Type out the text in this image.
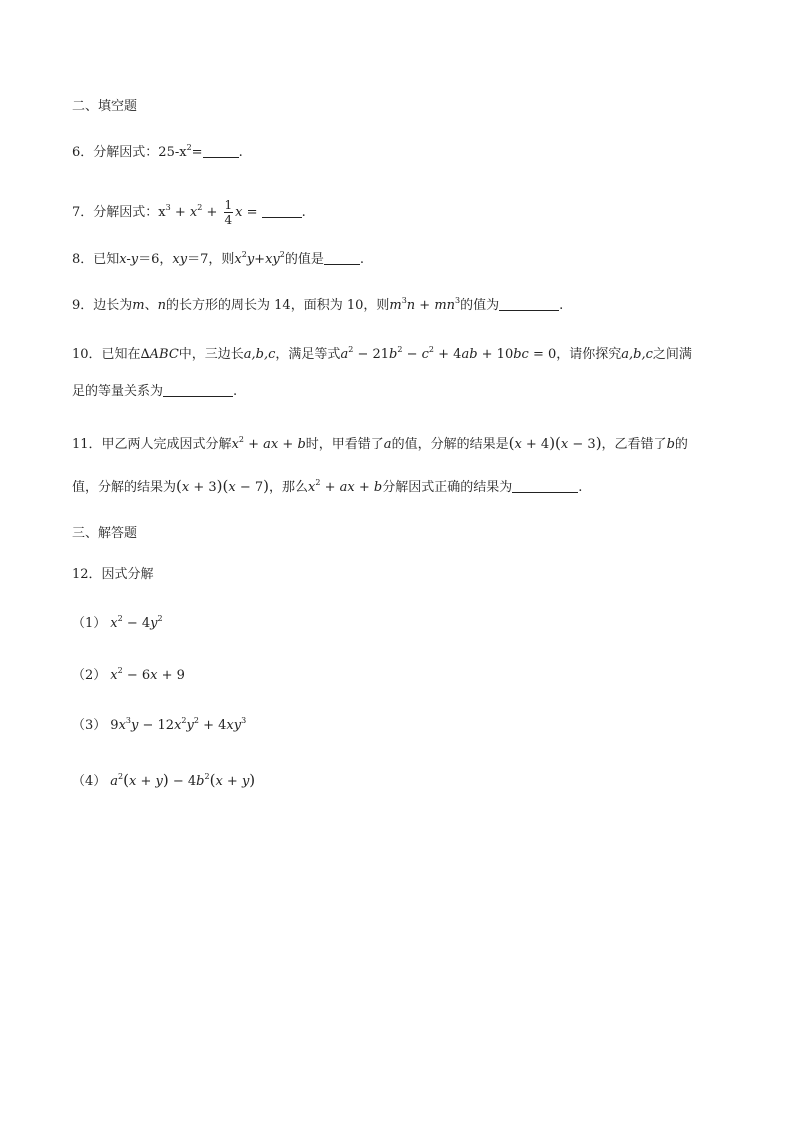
二、填空题
6．分解因式：$25-x^2=$	.
7．分解因式：$x^3 + x^2 + \frac{1}{4}$ x =	.
8．已知x-y＝6，xy＝7，则$x^2y+xy^2$的值是	.
9．边长为m、n的长方形的周长为 14，面积为 10，则$m^3n + mn^3$的值为	.
10．已知在∆ABC中，三边长a,b,c，满足等式$a^2 - 21b^2 - c^2 + 4ab + 10bc = 0$，请你探究a,b,c之间满
足的等量关系为	.
11．甲乙两人完成因式分解$x^2$ + ax + b时，甲看错了a的值，分解的结果是(x + 4)(x − 3)，乙看错了b的
值，分解的结果为(x + 3)(x − 7)，那么$x^2$ + ax + b分解因式正确的结果为	.
三、解答题
12．因式分解
（1） $x^2 - 4y^2$
（2） $x^2 - 6x + 9$
（3） $9x^3y - 12x^2y^2 + 4xy^3$
（4） $a^2(x + y) - 4b^2(x + y)$
